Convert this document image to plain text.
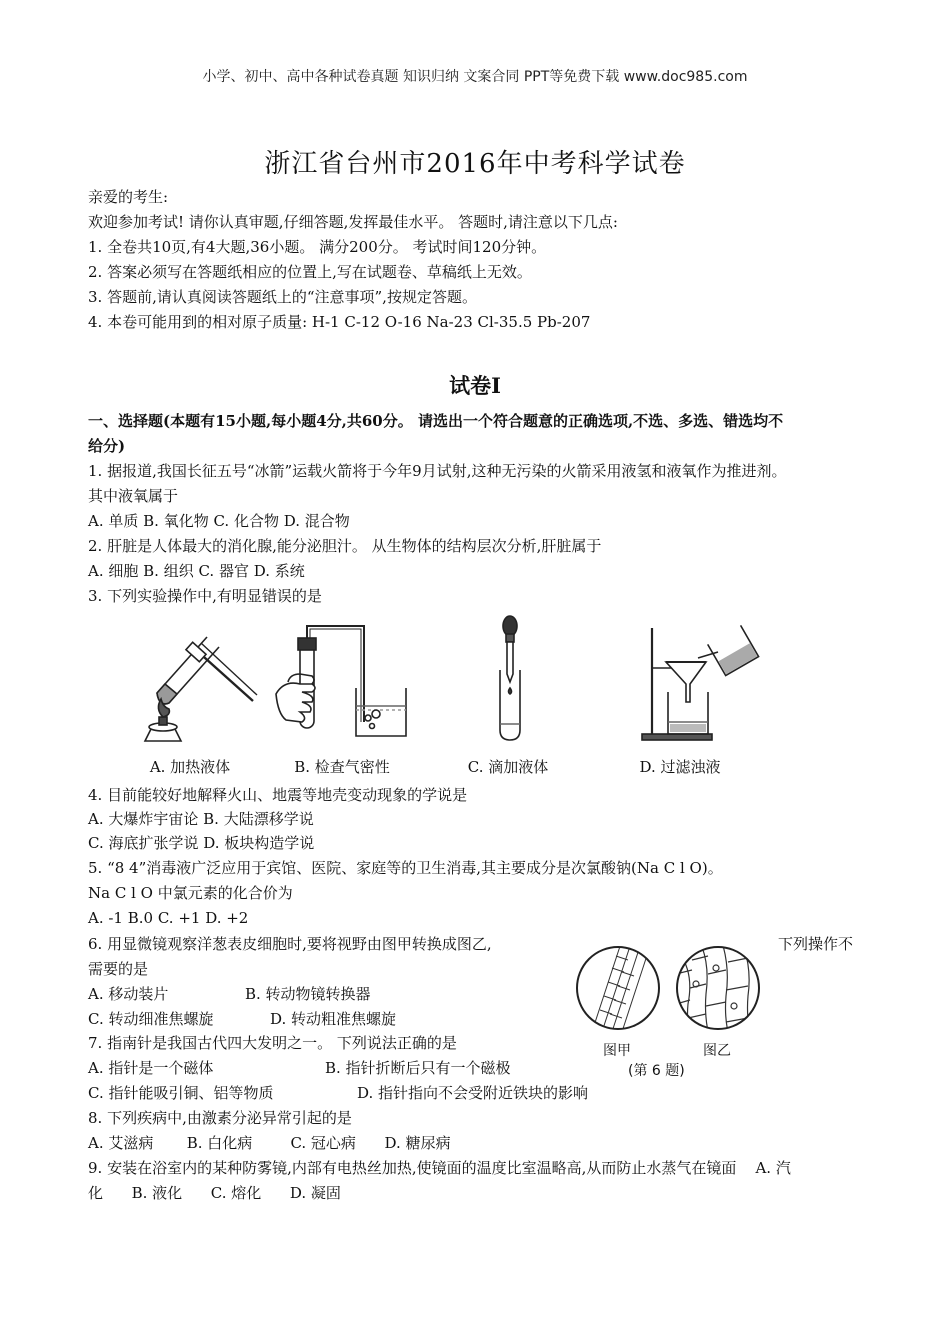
小学、初中、高中各种试卷真题 知识归纳 文案合同 PPT等免费下载 www.doc985.com
浙江省台州市2016年中考科学试卷
亲爱的考生:
欢迎参加考试! 请你认真审题,仔细答题,发挥最佳水平。 答题时,请注意以下几点:
1. 全卷共10页,有4大题,36小题。 满分200分。 考试时间120分钟。
2. 答案必须写在答题纸相应的位置上,写在试题卷、草稿纸上无效。
3. 答题前,请认真阅读答题纸上的“注意事项”,按规定答题。
4. 本卷可能用到的相对原子质量: H-1 C-12 O-16 Na-23 Cl-35.5 Pb-207
试卷I
一、选择题(本题有15小题,每小题4分,共60分。 请选出一个符合题意的正确选项,不选、多选、错选均不
给分)
1. 据报道,我国长征五号“冰箭”运载火箭将于今年9月试射,这种无污染的火箭采用液氢和液氧作为推进剂。
其中液氧属于
A. 单质 B. 氧化物 C. 化合物 D. 混合物
2. 肝脏是人体最大的消化腺,能分泌胆汁。 从生物体的结构层次分析,肝脏属于
A. 细胞 B. 组织 C. 器官 D. 系统
3. 下列实验操作中,有明显错误的是
A. 加热液体	B. 检查气密性	C. 滴加液体	D. 过滤浊液
4. 目前能较好地解释火山、地震等地壳变动现象的学说是
A. 大爆炸宇宙论 B. 大陆漂移学说
C. 海底扩张学说 D. 板块构造学说
5. “8 4”消毒液广泛应用于宾馆、医院、家庭等的卫生消毒,其主要成分是次氯酸钠(Na C l O)。
Na C l O 中氯元素的化合价为
A. -1 B.0 C. +1 D. +2
6. 用显微镜观察洋葱表皮细胞时,要将视野由图甲转换成图乙,	下列操作不
需要的是
A. 移动装片	B. 转动物镜转换器
C. 转动细准焦螺旋	D. 转动粗准焦螺旋
图甲	图乙
(第 6 题)
7. 指南针是我国古代四大发明之一。 下列说法正确的是
A. 指针是一个磁体	B. 指针折断后只有一个磁极
C. 指针能吸引铜、铝等物质	D. 指针指向不会受附近铁块的影响
8. 下列疾病中,由激素分泌异常引起的是
A. 艾滋病       B. 白化病        C. 冠心病      D. 糖尿病
9. 安装在浴室内的某种防雾镜,内部有电热丝加热,使镜面的温度比室温略高,从而防止水蒸气在镜面    A. 汽
化      B. 液化      C. 熔化      D. 凝固
